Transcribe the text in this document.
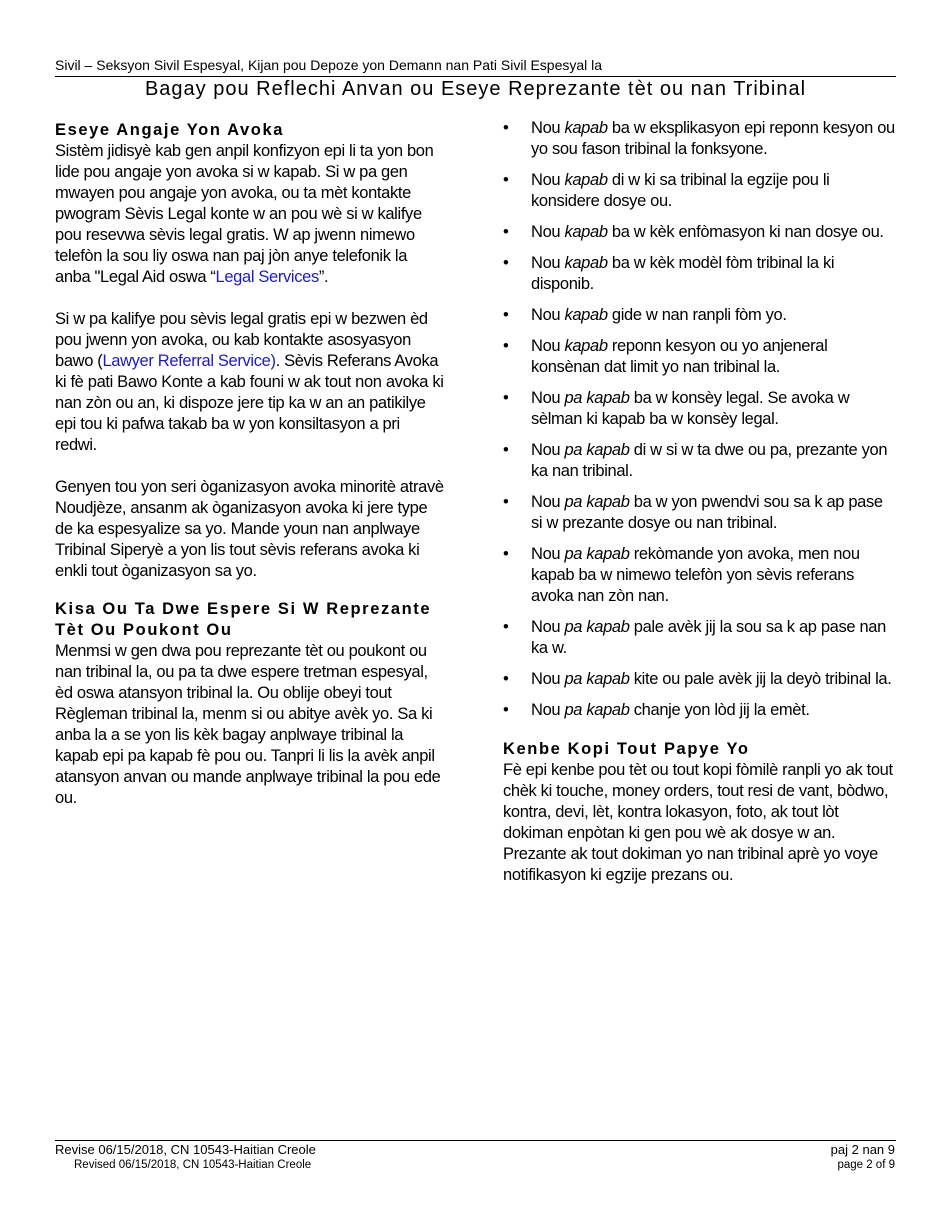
Sivil – Seksyon Sivil Espesyal, Kijan pou Depoze yon Demann nan Pati Sivil Espesyal la
Bagay pou Reflechi Anvan ou Eseye Reprezante tèt ou nan Tribinal
Eseye Angaje Yon Avoka

Sistèm jidisyè kab gen anpil konfizyon epi li ta yon bon lide pou angaje yon avoka si w kapab. Si w pa gen mwayen pou angaje yon avoka, ou ta mèt kontakte pwogram Sèvis Legal konte w an pou wè si w kalifye pou resevwa sèvis legal gratis. W ap jwenn nimewo telefòn la sou liy oswa nan paj jòn anye telefonik la anba "Legal Aid oswa “Legal Services”.

Si w pa kalifye pou sèvis legal gratis epi w bezwen èd pou jwenn yon avoka, ou kab kontakte asosyasyon bawo (Lawyer Referral Service). Sèvis Referans Avoka ki fè pati Bawo Konte a kab founi w ak tout non avoka ki nan zòn ou an, ki dispoze jere tip ka w an an patikilye epi tou ki pafwa takab ba w yon konsiltasyon a pri redwi.

Genyen tou yon seri òganizasyon avoka minoritè atravè Noudjèze, ansanm ak òganizasyon avoka ki jere type de ka espesyalize sa yo. Mande youn nan anplwaye Tribinal Siperyè a yon lis tout sèvis referans avoka ki enkli tout òganizasyon sa yo.

Kisa Ou Ta Dwe Espere Si W Reprezante Tèt Ou Poukont Ou

Menmsi w gen dwa pou reprezante tèt ou poukont ou nan tribinal la, ou pa ta dwe espere tretman espesyal, èd oswa atansyon tribinal la. Ou oblije obeyi tout Règleman tribinal la, menm si ou abitye avèk yo. Sa ki anba la a se yon lis kèk bagay anplwaye tribinal la kapab epi pa kapab fè pou ou. Tanpri li lis la avèk anpil atansyon anvan ou mande anplwaye tribinal la pou ede ou.

• Nou kapab ba w eksplikasyon epi reponn kesyon ou yo sou fason tribinal la fonksyone.
• Nou kapab di w ki sa tribinal la egzije pou li konsidere dosye ou.
• Nou kapab ba w kèk enfòmasyon ki nan dosye ou.
• Nou kapab ba w kèk modèl fòm tribinal la ki disponib.
• Nou kapab gide w nan ranpli fòm yo.
• Nou kapab reponn kesyon ou yo anjeneral konsènan dat limit yo nan tribinal la.
• Nou pa kapab ba w konsèy legal. Se avoka w sèlman ki kapab ba w konsèy legal.
• Nou pa kapab di w si w ta dwe ou pa, prezante yon ka nan tribinal.
• Nou pa kapab ba w yon pwendvi sou sa k ap pase si w prezante dosye ou nan tribinal.
• Nou pa kapab rekòmande yon avoka, men nou kapab ba w nimewo telefòn yon sèvis referans avoka nan zòn nan.
• Nou pa kapab pale avèk jij la sou sa k ap pase nan ka w.
• Nou pa kapab kite ou pale avèk jij la deyò tribinal la.
• Nou pa kapab chanje yon lòd jij la emèt.
Kenbe Kopi Tout Papye Yo

Fè epi kenbe pou tèt ou tout kopi fòmilè ranpli yo ak tout chèk ki touche, money orders, tout resi de vant, bòdwo, kontra, devi, lèt, kontra lokasyon, foto, ak tout lòt dokiman enpòtan ki gen pou wè ak dosye w an. Prezante ak tout dokiman yo nan tribinal aprè yo voye notifikasyon ki egzije prezans ou.

Revise 06/15/2018, CN 10543-Haitian Creole
Revised 06/15/2018, CN 10543-Haitian Creole
paj 2 nan 9
page 2 of 9
